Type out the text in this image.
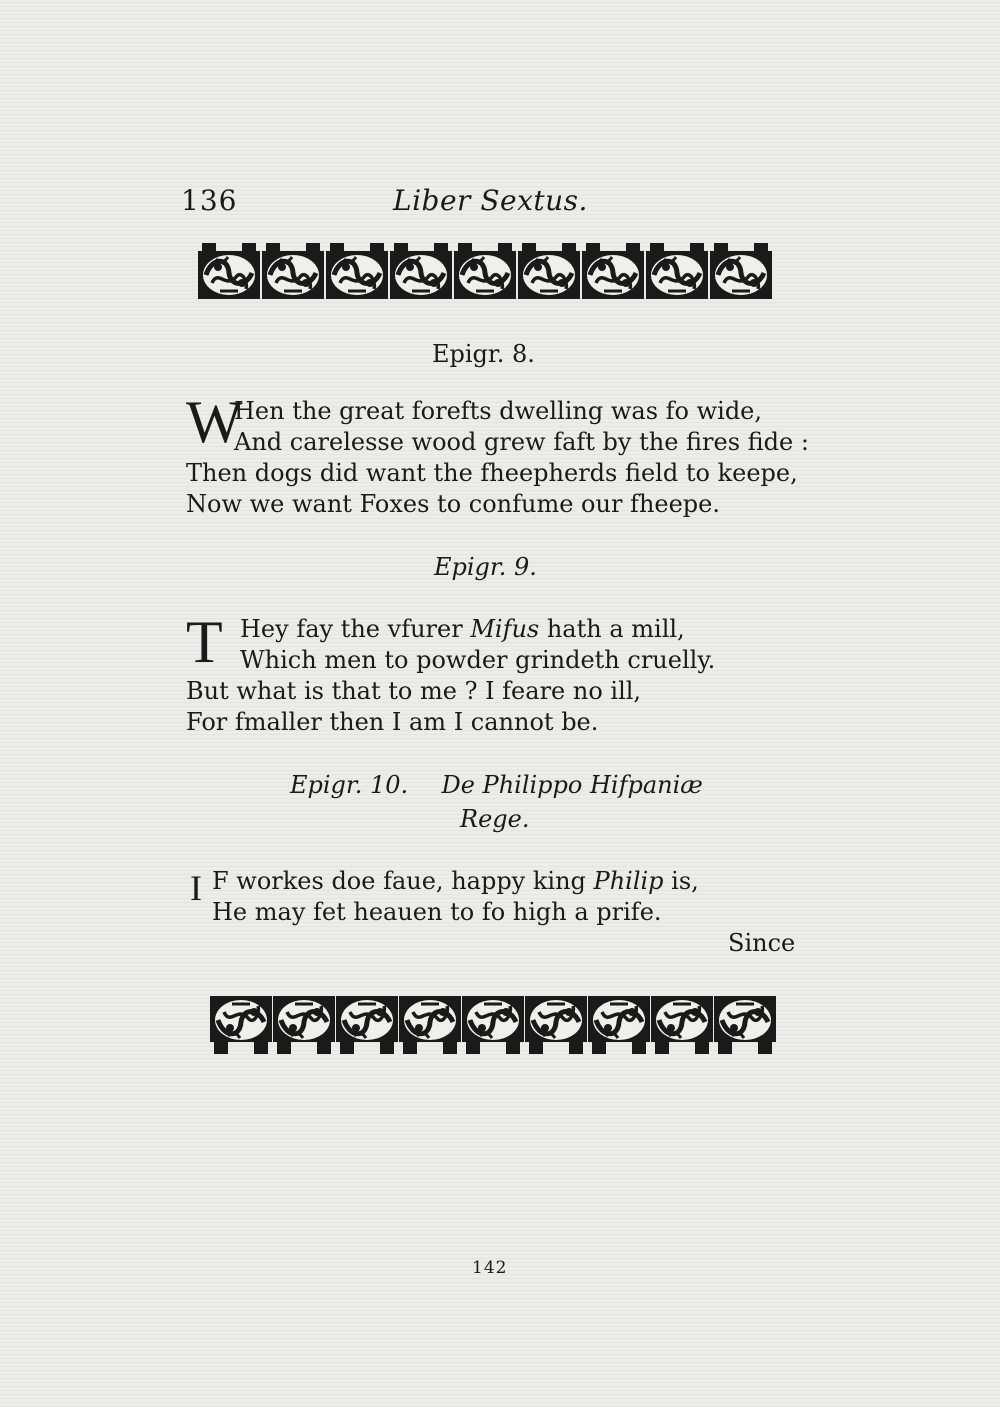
136	Liber Sextus.
Epigr. 8.
W
Hen the great forefts dwelling was fo wide,
And carelesse wood grew faft by the fires fide :
Then dogs did want the fheepherds field to keepe,
Now we want Foxes to confume our fheepe.
Epigr. 9.
T Hey fay the vfurer Mifus hath a mill,
Which men to powder grindeth cruelly.
But what is that to me ? I feare no ill,
For fmaller then I am I cannot be.
Epigr. 10. De Philippo Hifpaniæ
Rege.
I F workes doe faue, happy king Philip is,
He may fet heauen to fo high a prife.
Since
142
